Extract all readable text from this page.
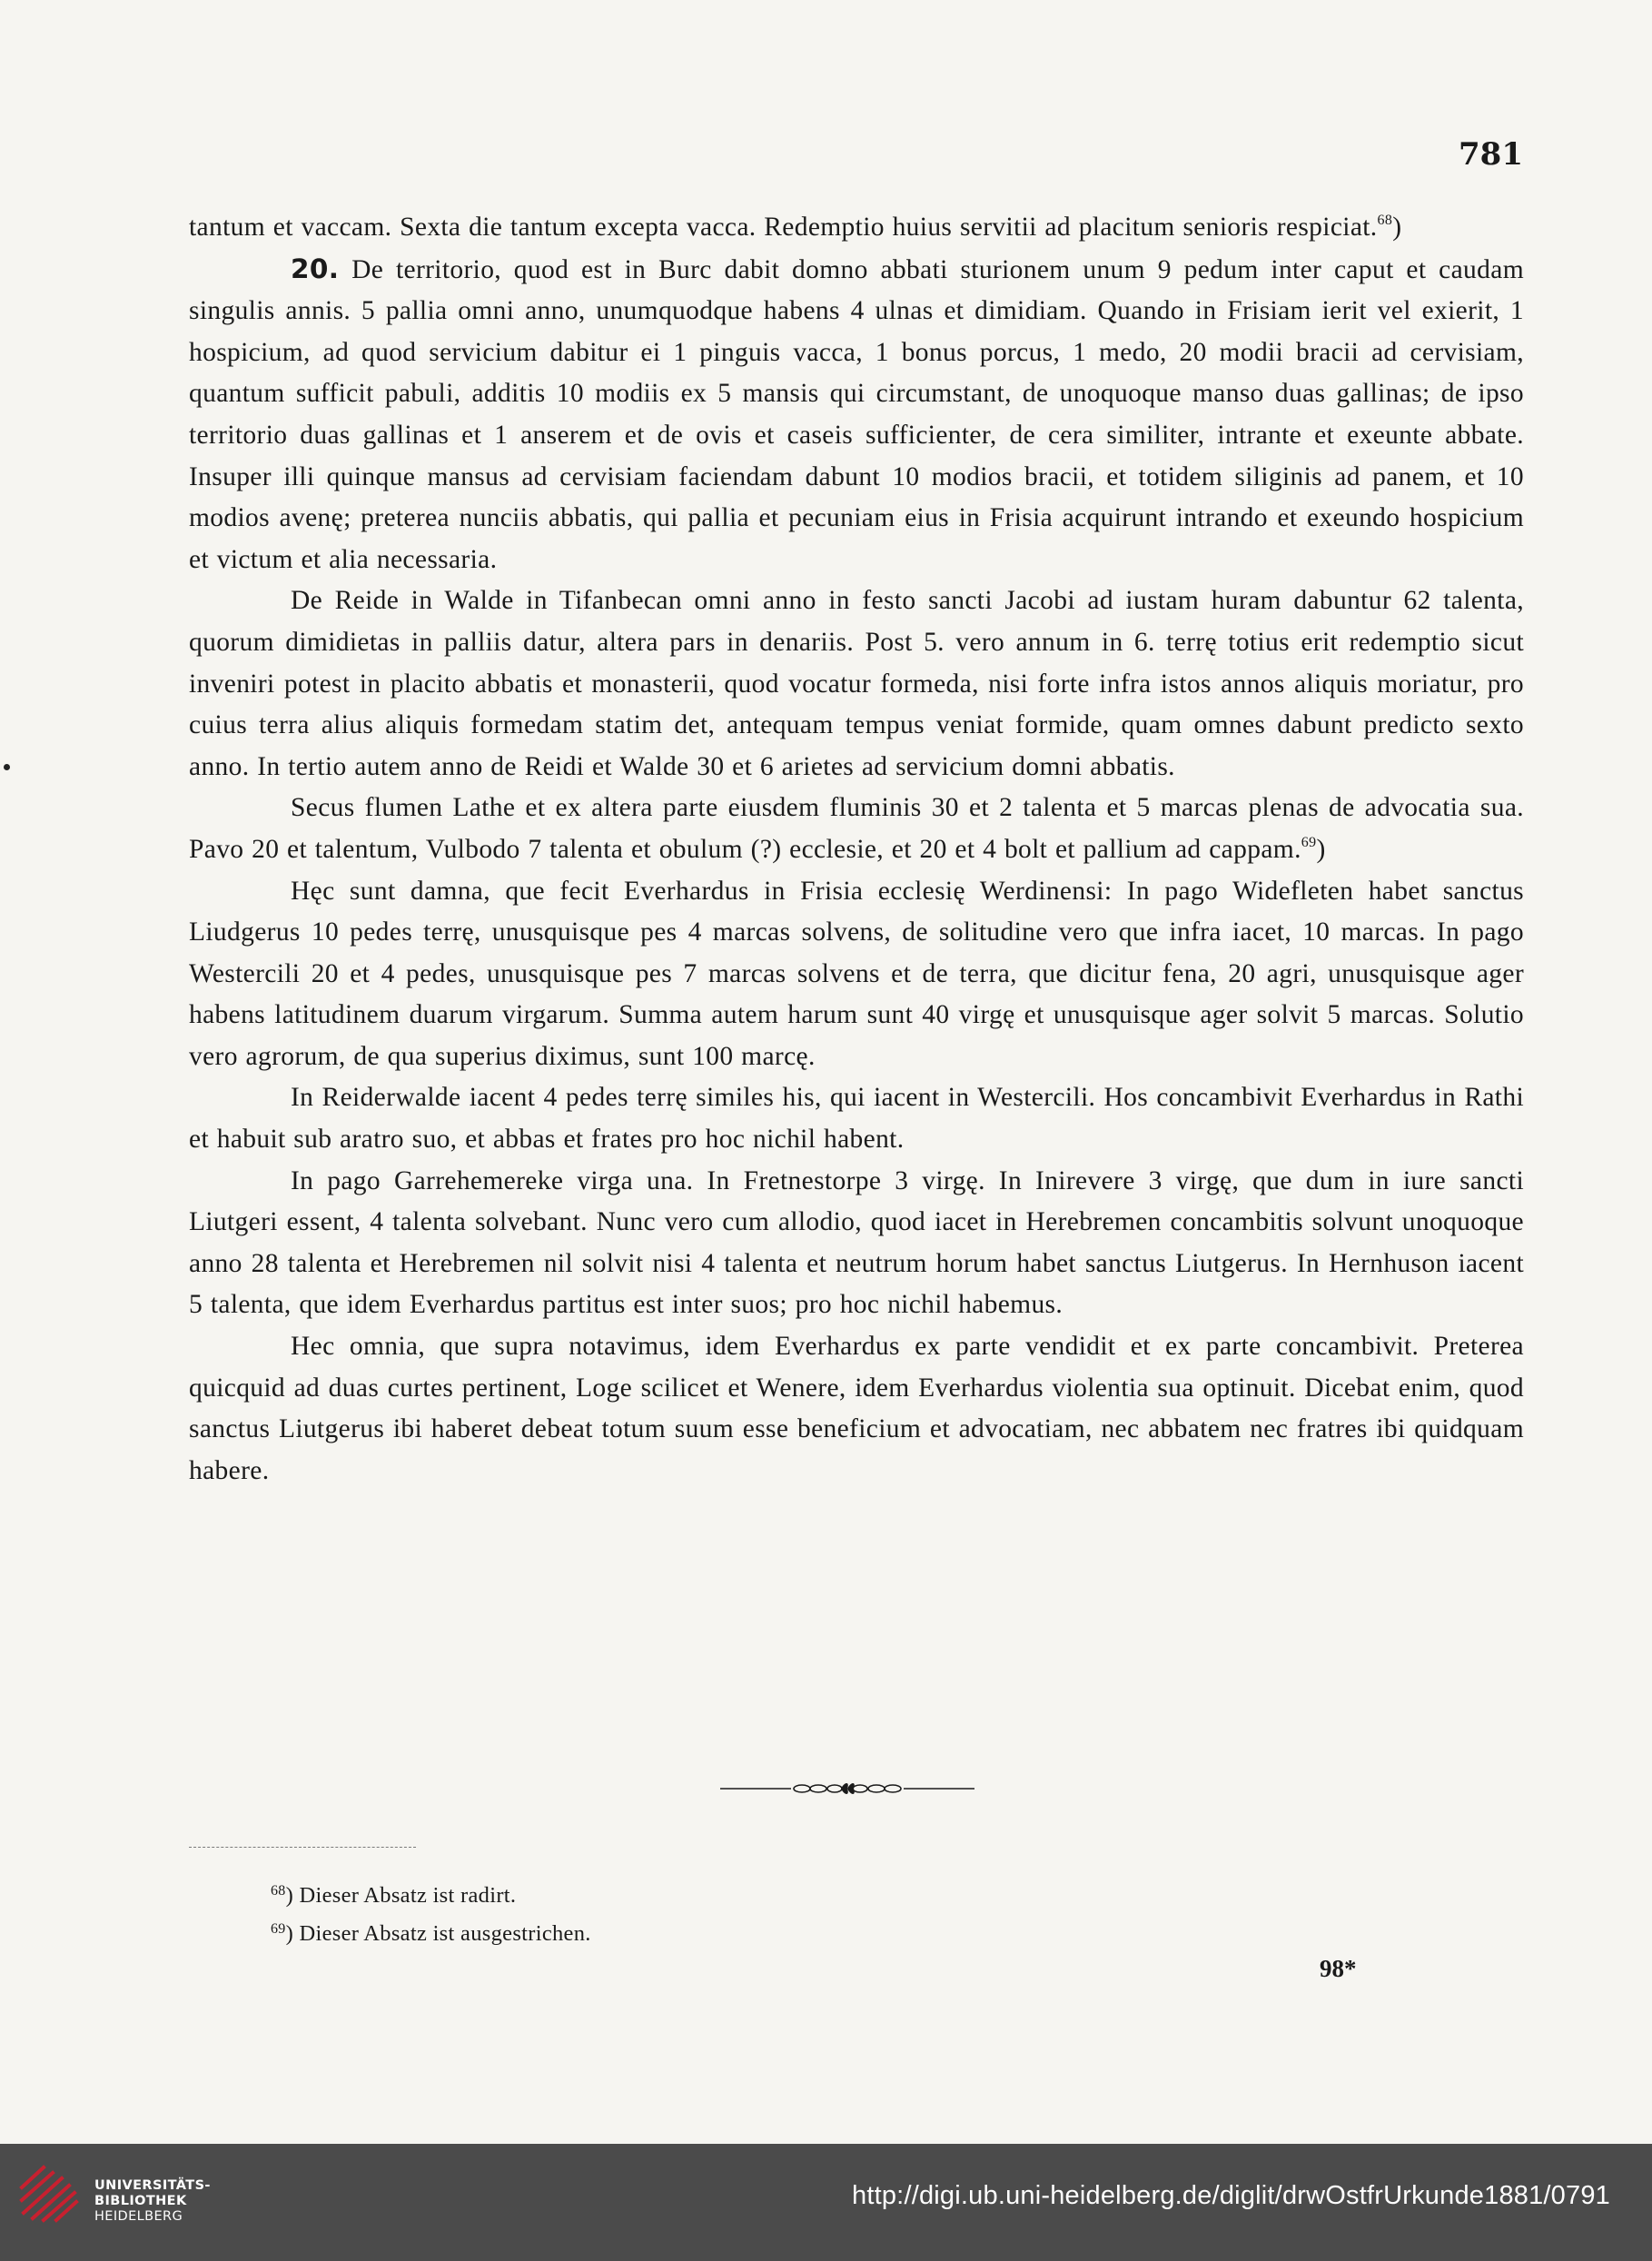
781

tantum et vaccam. Sexta die tantum excepta vacca. Redemptio huius servitii ad placitum senioris respiciat.$^{68}$)

20. De territorio, quod est in Burc dabit domno abbati sturionem unum 9 pedum inter caput et caudam singulis annis. 5 pallia omni anno, unumquodque habens 4 ulnas et dimidiam. Quando in Frisiam ierit vel exierit, 1 hospicium, ad quod servicium dabitur ei 1 pinguis vacca, 1 bonus porcus, 1 medo, 20 modii bracii ad cervisiam, quantum sufficit pabuli, additis 10 modiis ex 5 mansis qui circumstant, de unoquoque manso duas gallinas; de ipso territorio duas gallinas et 1 anserem et de ovis et caseis sufficienter, de cera similiter, intrante et exeunte abbate. Insuper illi quinque mansus ad cervisiam faciendam dabunt 10 modios bracii, et totidem siliginis ad panem, et 10 modios avenę; preterea nunciis abbatis, qui pallia et pecuniam eius in Frisia acquirunt intrando et exeundo hospicium et victum et alia necessaria.

De Reide in Walde in Tifanbecan omni anno in festo sancti Jacobi ad iustam huram dabuntur 62 talenta, quorum dimidietas in palliis datur, altera pars in denariis. Post 5. vero annum in 6. terrę totius erit redemptio sicut inveniri potest in placito abbatis et monasterii, quod vocatur formeda, nisi forte infra istos annos aliquis moriatur, pro cuius terra alius aliquis formedam statim det, antequam tempus veniat formide, quam omnes dabunt predicto sexto anno. In tertio autem anno de Reidi et Walde 30 et 6 arietes ad servicium domni abbatis.

Secus flumen Lathe et ex altera parte eiusdem fluminis 30 et 2 talenta et 5 marcas plenas de advocatia sua. Pavo 20 et talentum, Vulbodo 7 talenta et obulum (?) ecclesie, et 20 et 4 bolt et pallium ad cappam.$^{69}$)

Hęc sunt damna, que fecit Everhardus in Frisia ecclesię Werdinensi: In pago Widefleten habet sanctus Liudgerus 10 pedes terrę, unusquisque pes 4 marcas solvens, de solitudine vero que infra iacet, 10 marcas. In pago Westercili 20 et 4 pedes, unusquisque pes 7 marcas solvens et de terra, que dicitur fena, 20 agri, unusquisque ager habens latitudinem duarum virgarum. Summa autem harum sunt 40 virgę et unusquisque ager solvit 5 marcas. Solutio vero agrorum, de qua superius diximus, sunt 100 marcę.

In Reiderwalde iacent 4 pedes terrę similes his, qui iacent in Westercili. Hos concambivit Everhardus in Rathi et habuit sub aratro suo, et abbas et frates pro hoc nichil habent.

In pago Garrehemereke virga una. In Fretnestorpe 3 virgę. In Inirevere 3 virgę, que dum in iure sancti Liutgeri essent, 4 talenta solvebant. Nunc vero cum allodio, quod iacet in Herebremen concambitis solvunt unoquoque anno 28 talenta et Herebremen nil solvit nisi 4 talenta et neutrum horum habet sanctus Liutgerus. In Hernhuson iacent 5 talenta, que idem Everhardus partitus est inter suos; pro hoc nichil habemus.

Hec omnia, que supra notavimus, idem Everhardus ex parte vendidit et ex parte concambivit. Preterea quicquid ad duas curtes pertinent, Loge scilicet et Wenere, idem Everhardus violentia sua optinuit. Dicebat enim, quod sanctus Liutgerus ibi haberet debeat totum suum esse beneficium et advocatiam, nec abbatem nec fratres ibi quidquam habere.

$^{68}$) Dieser Absatz ist radirt.
$^{69}$) Dieser Absatz ist ausgestrichen.
98*
UNIVERSITÄTS-
BIBLIOTHEK
HEIDELBERG
http://digi.ub.uni-heidelberg.de/diglit/drwOstfrUrkunde1881/0791
